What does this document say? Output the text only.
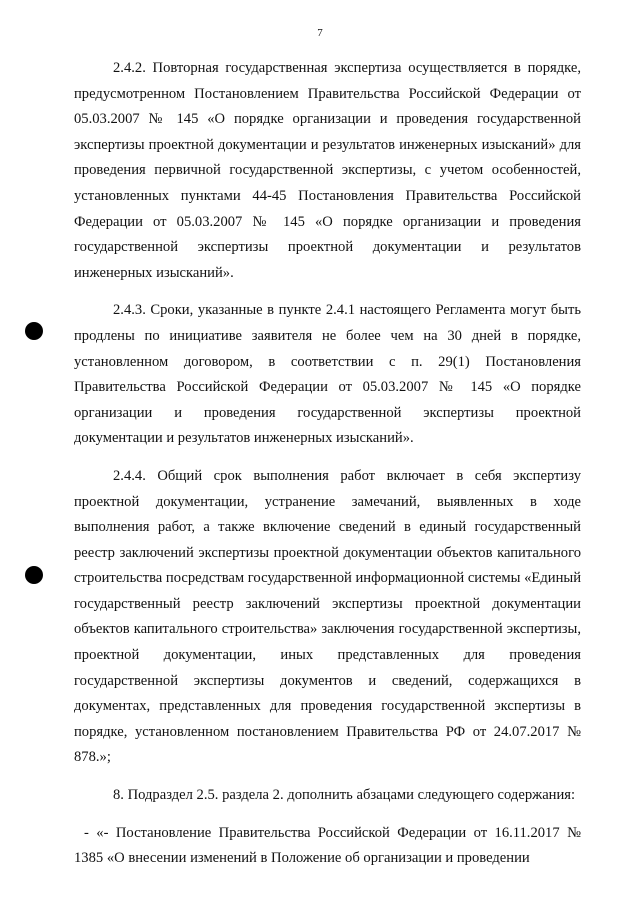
7

2.4.2. Повторная государственная экспертиза осуществляется в порядке, предусмотренном Постановлением Правительства Российской Федерации от 05.03.2007 № 145 «О порядке организации и проведения государственной экспертизы проектной документации и результатов инженерных изысканий» для проведения первичной государственной экспертизы, с учетом особенностей, установленных пунктами 44-45 Постановления Правительства Российской Федерации от 05.03.2007 № 145 «О порядке организации и проведения государственной экспертизы проектной документации и результатов инженерных изысканий».

2.4.3. Сроки, указанные в пункте 2.4.1 настоящего Регламента могут быть продлены по инициативе заявителя не более чем на 30 дней в порядке, установленном договором, в соответствии с п. 29(1) Постановления Правительства Российской Федерации от 05.03.2007 № 145 «О порядке организации и проведения государственной экспертизы проектной документации и результатов инженерных изысканий».

2.4.4. Общий срок выполнения работ включает в себя экспертизу проектной документации, устранение замечаний, выявленных в ходе выполнения работ, а также включение сведений в единый государственный реестр заключений экспертизы проектной документации объектов капитального строительства посредствам государственной информационной системы «Единый государственный реестр заключений экспертизы проектной документации объектов капитального строительства» заключения государственной экспертизы, проектной документации, иных представленных для проведения государственной экспертизы документов и сведений, содержащихся в документах, представленных для проведения государственной экспертизы в порядке, установленном постановлением Правительства РФ от 24.07.2017 № 878.»;

8. Подраздел 2.5. раздела 2. дополнить абзацами следующего содержания:

- «- Постановление Правительства Российской Федерации от 16.11.2017 № 1385 «О внесении изменений в Положение об организации и проведении
